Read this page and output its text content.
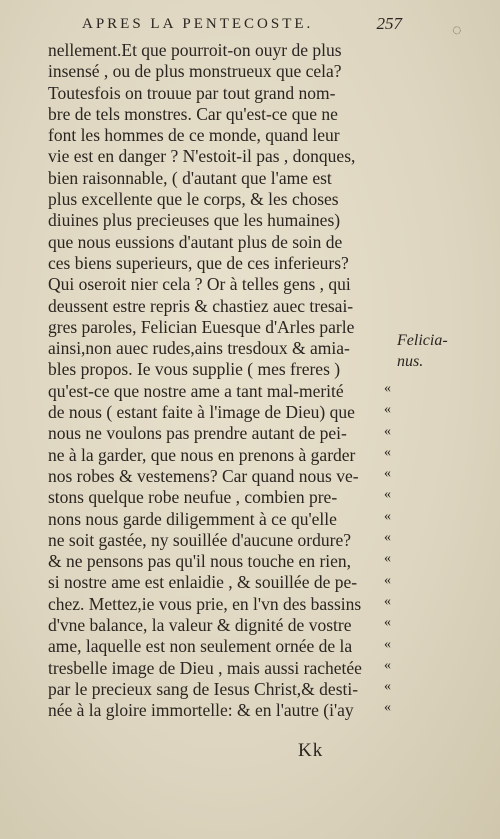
APRES LA PENTECOSTE.	257	◌
nellement.Et que pourroit-on ouyr de plus
insensé , ou de plus monstrueux que cela?
Toutesfois on trouue par tout grand nom-
bre de tels monstres. Car qu'est-ce que ne
font les hommes de ce monde, quand leur
vie est en danger ? N'estoit-il pas , donques,
bien raisonnable, ( d'autant que l'ame est
plus excellente que le corps, & les choses
diuines plus precieuses que les humaines)
que nous eussions d'autant plus de soin de
ces biens superieurs, que de ces inferieurs?
Qui oseroit nier cela ? Or à telles gens , qui
deussent estre repris & chastiez auec tresai-
gres paroles, Felician Euesque d'Arles parle
ainsi,non auec rudes,ains tresdoux & amia-
bles propos. Ie vous supplie ( mes freres )
qu'est-ce que nostre ame a tant mal-merité
de nous ( estant faite à l'image de Dieu) que
nous ne voulons pas prendre autant de pei-
ne à la garder, que nous en prenons à garder
nos robes & vestemens? Car quand nous ve-
stons quelque robe neufue , combien pre-
nons nous garde diligemment à ce qu'elle
ne soit gastée, ny souillée d'aucune ordure?
& ne pensons pas qu'il nous touche en rien,
si nostre ame est enlaidie , & souillée de pe-
chez. Mettez,ie vous prie, en l'vn des bassins
d'vne balance, la valeur & dignité de vostre
ame, laquelle est non seulement ornée de la
tresbelle image de Dieu , mais aussi rachetée
par le precieux sang de Iesus Christ,& desti-
née à la gloire immortelle: & en l'autre (i'ay
Felicia-
nus.
«
«
«
«
«
«
«
«
«
«
«
«
«
«
«
«
Kk
